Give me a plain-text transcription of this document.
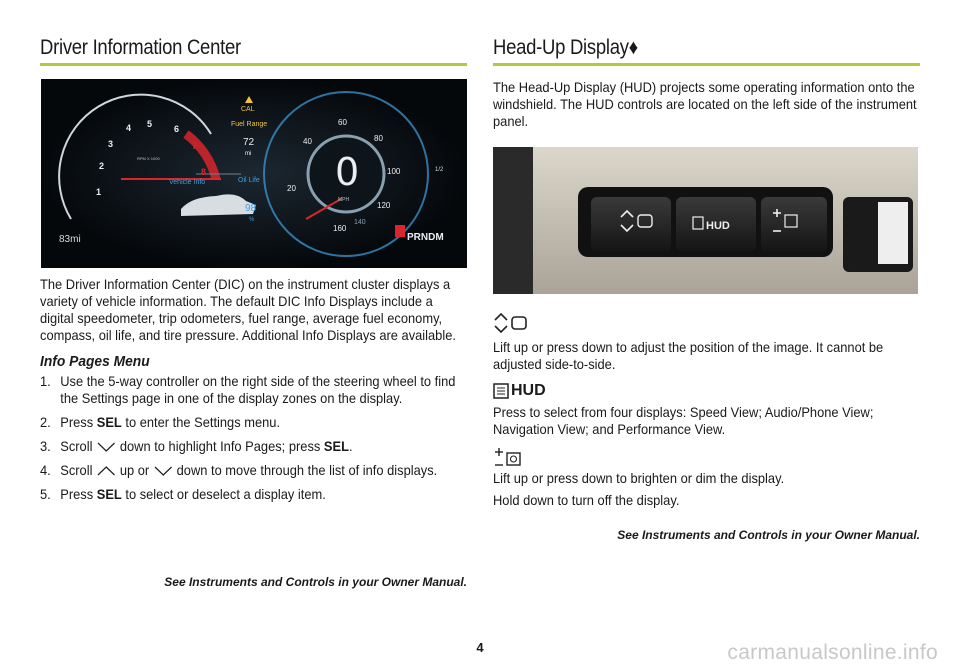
Driver Information Center
CAL
Fuel Range
72
mi
Oil Life
98
%
Vehicle Info	0
MPH
RPM X 1000
83mi	PRNDM
1/2
1
2
3
4 5 6
7
8
20
40
60
80
100
120
140
160

The Driver Information Center (DIC) on the instrument cluster displays a variety of vehicle information. The default DIC Info Displays include a digital speedometer, trip odometers, fuel range, average fuel economy, compass, oil life, and tire pressure. Additional Info Displays are available.

Info Pages Menu
1. Use the 5-way controller on the right side of the steering wheel to find the Settings page in one of the display zones on the display.
2. Press SEL to enter the Settings menu.
3. Scroll  down to highlight Info Pages; press SEL.
4. Scroll  up or  down to move through the list of info displays.
5. Press SEL to select or deselect a display item.
See Instruments and Controls in your Owner Manual.
Head-Up Display♦
The Head-Up Display (HUD) projects some operating information onto the windshield. The HUD controls are located on the left side of the instrument panel.
HUD
Lift up or press down to adjust the position of the image. It cannot be adjusted side-to-side.
HUD
Press to select from four displays: Speed View; Audio/Phone View; Navigation View; and Performance View.
Lift up or press down to brighten or dim the display.
Hold down to turn off the display.
See Instruments and Controls in your Owner Manual.
4	carmanualsonline.info
